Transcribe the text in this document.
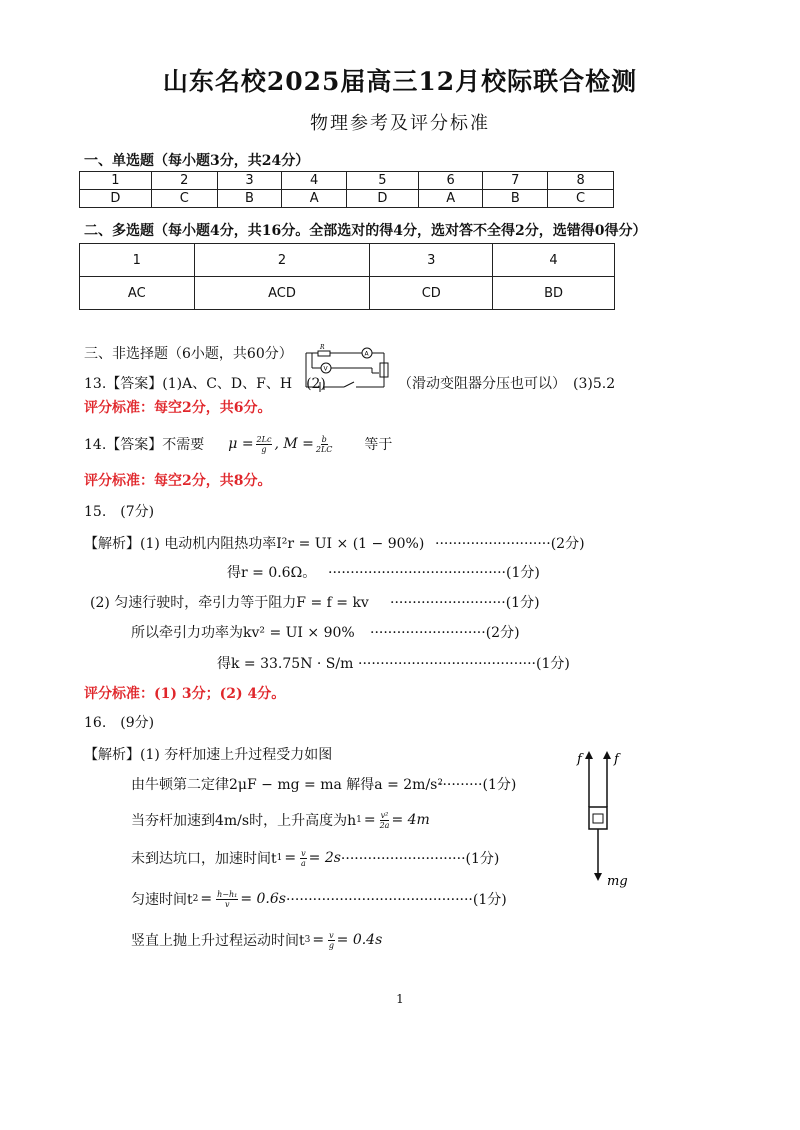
山东名校2025届高三12月校际联合检测
物理参考及评分标准
一、单选题（每小题3分，共24分）
1	2	3	4	5	6	7	8
D	C	B	A	D	A	B	C
二、多选题（每小题4分，共16分。全部选对的得4分，选对答不全得2分，选错得0得分）
1	2	3	4
AC	ACD	CD	BD
三、非选择题（6小题，共60分）
13.【答案】(1)A、C、D、F、H　(2)
R
A
V
（滑动变阻器分压也可以）　(3)5.2
评分标准：每空2分，共6分。
14.【答案】不需要 $\mu = \frac{2Lc}{g}$ , $M = \frac{b}{2LC}$ 等于
评分标准：每空2分，共8分。
15.　(7分)
【解析】(1) 电动机内阻热功率I²r = UI × (1 − 90%) ··························(2分)
得r = 0.6Ω。 ········································(1分)
(2) 匀速行驶时，牵引力等于阻力F = f = kv ··························(1分)
所以牵引力功率为kv² = UI × 90% ··························(2分)
得k = 33.75N · S/m ········································(1分)
评分标准：(1) 3分；(2) 4分。
16.　(9分)
【解析】(1) 夯杆加速上升过程受力如图
由牛顿第二定律2μF − mg = ma 解得a = 2m/s²
··········(1分)
当夯杆加速到4m/s时，上升高度为h $1 = \frac{\text{v²}}{2a} = 4m$
未到达坑口，加速时间t $1 = \frac{v}{a} = 2s \cdot\cdot\cdot\cdot\cdot\cdot\cdot\cdot\cdot\cdot\cdot\cdot\cdot\cdot\cdot\cdot\cdot\cdot\cdot\cdot\cdot\cdot\cdot\cdot\cdot\cdot\cdot\cdot(1$分)
匀速时间t $2 = \frac{\text{h−h₁}}{v} = 0.6s \cdot\cdot\cdot\cdot\cdot\cdot\cdot\cdot\cdot\cdot\cdot\cdot\cdot\cdot\cdot\cdot\cdot\cdot\cdot\cdot\cdot\cdot\cdot\cdot\cdot\cdot\cdot\cdot\cdot\cdot\cdot\cdot\cdot\cdot\cdot\cdot\cdot\cdot\cdot\cdot\cdot\cdot(1$分)
竖直上抛上升过程运动时间t $3 = \frac{v}{g} = 0.4s$
f f
mg
1
